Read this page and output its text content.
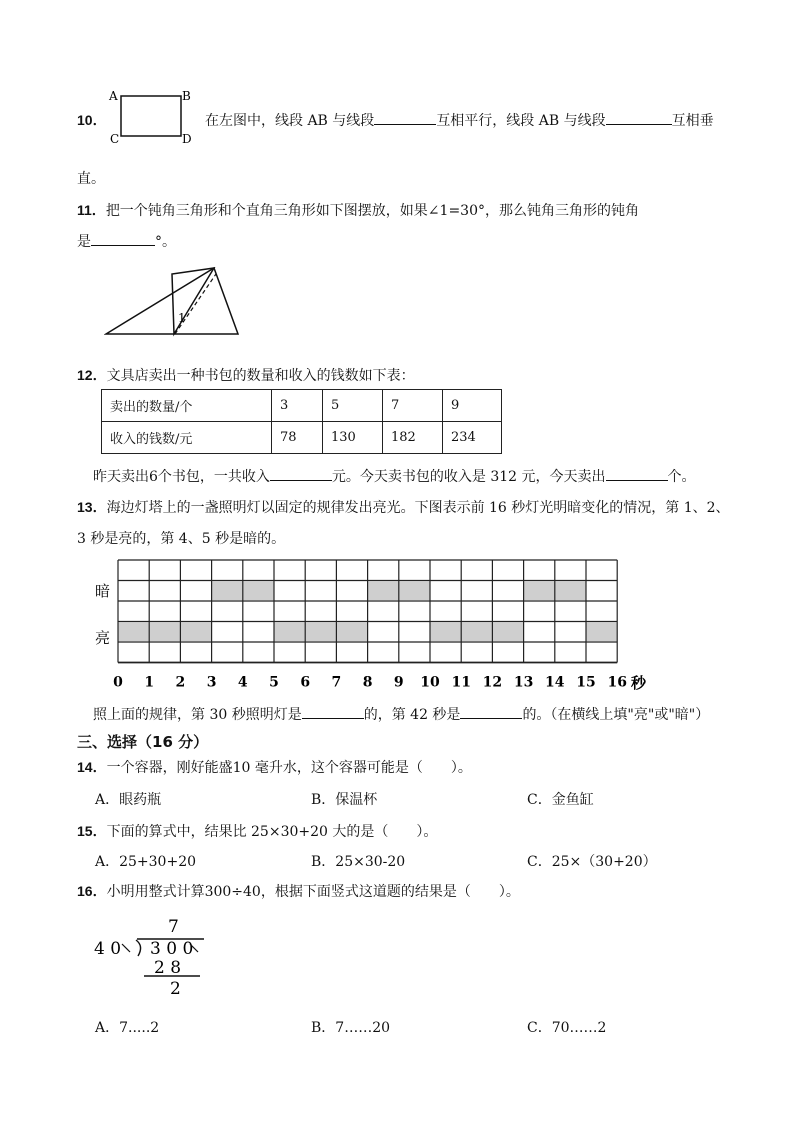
10．
A	B
C	D
在左图中，线段 AB 与线段	互相平行，线段 AB 与线段	互相垂
直。
11．把一个钝角三角形和个直角三角形如下图摆放，如果∠1=30°，那么钝角三角形的钝角
是	°。
1
12．文具店卖出一种书包的数量和收入的钱数如下表：
卖出的数量/个	3	5	7	9
收入的钱数/元	78	130	182	234
昨天卖出6个书包，一共收入	元。今天卖书包的收入是 312 元，今天卖出	个。
13．海边灯塔上的一盏照明灯以固定的规律发出亮光。下图表示前 16 秒灯光明暗变化的情况，第 1、2、
3 秒是亮的，第 4、5 秒是暗的。
暗
亮
0 1 2 3 4 5 6 7 8 9 10 11 12 13 14 15 16 秒
照上面的规律，第 30 秒照明灯是	的，第 42 秒是	的。（在横线上填"亮"或"暗"）
三、选择（16 分）
14．一个容器，刚好能盛10 毫升水，这个容器可能是（　　）。
A．眼药瓶	B．保温杯	C．金鱼缸
15．下面的算式中，结果比 25×30+20 大的是（　　）。
A．25+30+20	B．25×30-20	C．25×（30+20）
16．小明用整式计算300÷40，根据下面竖式这道题的结果是（　　）。
7
4 0 3 0 0
2 8
2
A．7.....2	B．7……20	C．70……2
